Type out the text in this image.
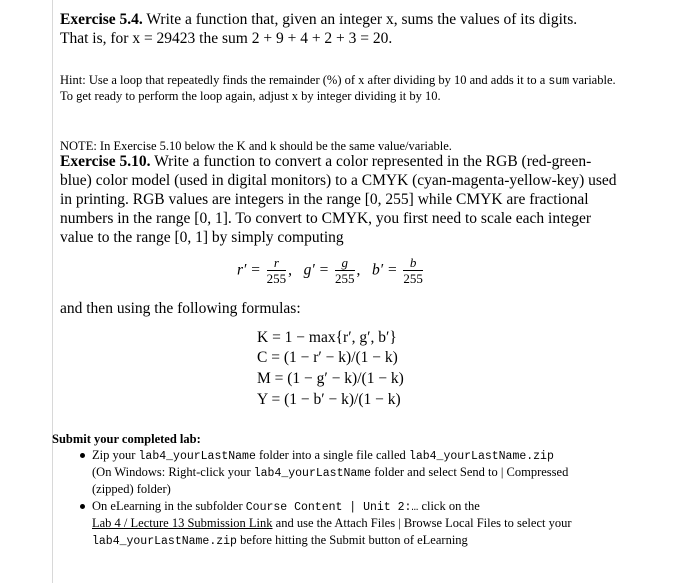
Exercise 5.4. Write a function that, given an integer x, sums the values of its digits.
That is, for x = 29423 the sum 2 + 9 + 4 + 2 + 3 = 20.
Hint: Use a loop that repeatedly finds the remainder (%) of x after dividing by 10 and adds it to a sum variable.
To get ready to perform the loop again, adjust x by integer dividing it by 10.
NOTE: In Exercise 5.10 below the K and k should be the same value/variable.
Exercise 5.10. Write a function to convert a color represented in the RGB (red-green-
blue) color model (used in digital monitors) to a CMYK (cyan-magenta-yellow-key) used
in printing. RGB values are integers in the range [0, 255] while CMYK are fractional
numbers in the range [0, 1]. To convert to CMYK, you first need to scale each integer
value to the range [0, 1] by simply computing
$r' = \frac{r}{255}$ , $g' = \frac{g}{255}$ , $b' = \frac{b}{255}$
and then using the following formulas:
K = 1 − max{r′, g′, b′}
C = (1 − r′ − k)/(1 − k)
M = (1 − g′ − k)/(1 − k)
Y = (1 − b′ − k)/(1 − k)
Submit your completed lab:
Zip your lab4_yourLastName folder into a single file called lab4_yourLastName.zip
(On Windows: Right-click your lab4_yourLastName folder and select Send to | Compressed
(zipped) folder)
On eLearning in the subfolder Course Content | Unit 2:… click on the
Lab 4 / Lecture 13 Submission Link and use the Attach Files | Browse Local Files to select your
lab4_yourLastName.zip before hitting the Submit button of eLearning
